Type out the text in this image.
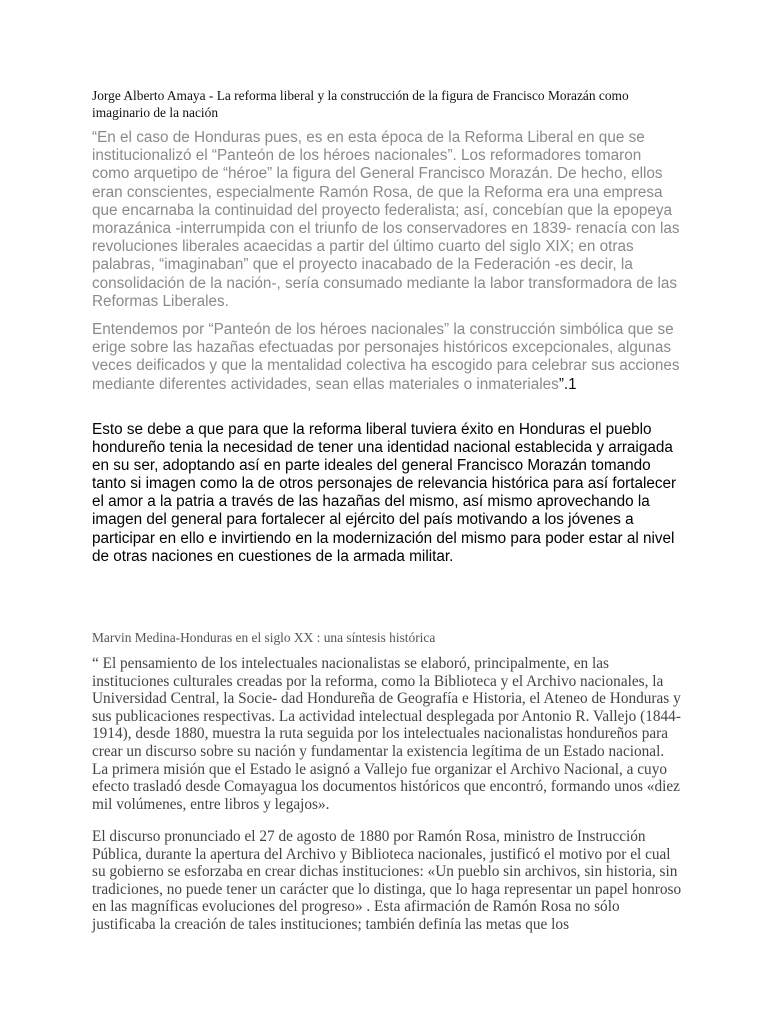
Jorge Alberto Amaya - La reforma liberal y la construcción de la figura de Francisco Morazán como imaginario de la nación

“En el caso de Honduras pues, es en esta época de la Reforma Liberal en que se institucionalizó el “Panteón de los héroes nacionales”. Los reformadores tomaron como arquetipo de “héroe” la figura del General Francisco Morazán. De hecho, ellos eran conscientes, especialmente Ramón Rosa, de que la Reforma era una empresa que encarnaba la continuidad del proyecto federalista; así, concebían que la epopeya morazánica -interrumpida con el triunfo de los conservadores en 1839- renacía con las revoluciones liberales acaecidas a partir del último cuarto del siglo XIX; en otras palabras, “imaginaban” que el proyecto inacabado de la Federación -es decir, la consolidación de la nación-, sería consumado mediante la labor transformadora de las Reformas Liberales.

Entendemos por “Panteón de los héroes nacionales” la construcción simbólica que se erige sobre las hazañas efectuadas por personajes históricos excepcionales, algunas veces deificados y que la mentalidad colectiva ha escogido para celebrar sus acciones mediante diferentes actividades, sean ellas materiales o inmateriales”.1

Esto se debe a que para que la reforma liberal tuviera éxito en Honduras el pueblo hondureño tenia la necesidad de tener una identidad nacional establecida y arraigada en su ser, adoptando así en parte ideales del general Francisco Morazán tomando tanto si imagen como la de otros personajes de relevancia histórica para así fortalecer el amor a la patria a través de las hazañas del mismo, así mismo aprovechando la imagen del general para fortalecer al ejército del país motivando a los jóvenes a participar en ello e invirtiendo en la modernización del mismo para poder estar al nivel de otras naciones en cuestiones de la armada militar.

Marvin Medina-Honduras en el siglo XX : una síntesis histórica

“ El pensamiento de los intelectuales nacionalistas se elaboró, principalmente, en las instituciones culturales creadas por la reforma, como la Biblioteca y el Archivo nacionales, la Universidad Central, la Socie- dad Hondureña de Geografía e Historia, el Ateneo de Honduras y sus publicaciones respectivas. La actividad intelectual desplegada por Antonio R. Vallejo (1844-1914), desde 1880, muestra la ruta seguida por los intelectuales nacionalistas hondureños para crear un discurso sobre su nación y fundamentar la existencia legítima de un Estado nacional. La primera misión que el Estado le asignó a Vallejo fue organizar el Archivo Nacional, a cuyo efecto trasladó desde Comayagua los documentos históricos que encontró, formando unos «diez mil volúmenes, entre libros y legajos».

El discurso pronunciado el 27 de agosto de 1880 por Ramón Rosa, ministro de Instrucción Pública, durante la apertura del Archivo y Biblioteca nacionales, justificó el motivo por el cual su gobierno se esforzaba en crear dichas instituciones: «Un pueblo sin archivos, sin historia, sin tradiciones, no puede tener un carácter que lo distinga, que lo haga representar un papel honroso en las magníficas evoluciones del progreso» . Esta afirmación de Ramón Rosa no sólo justificaba la creación de tales instituciones; también definía las metas que los
